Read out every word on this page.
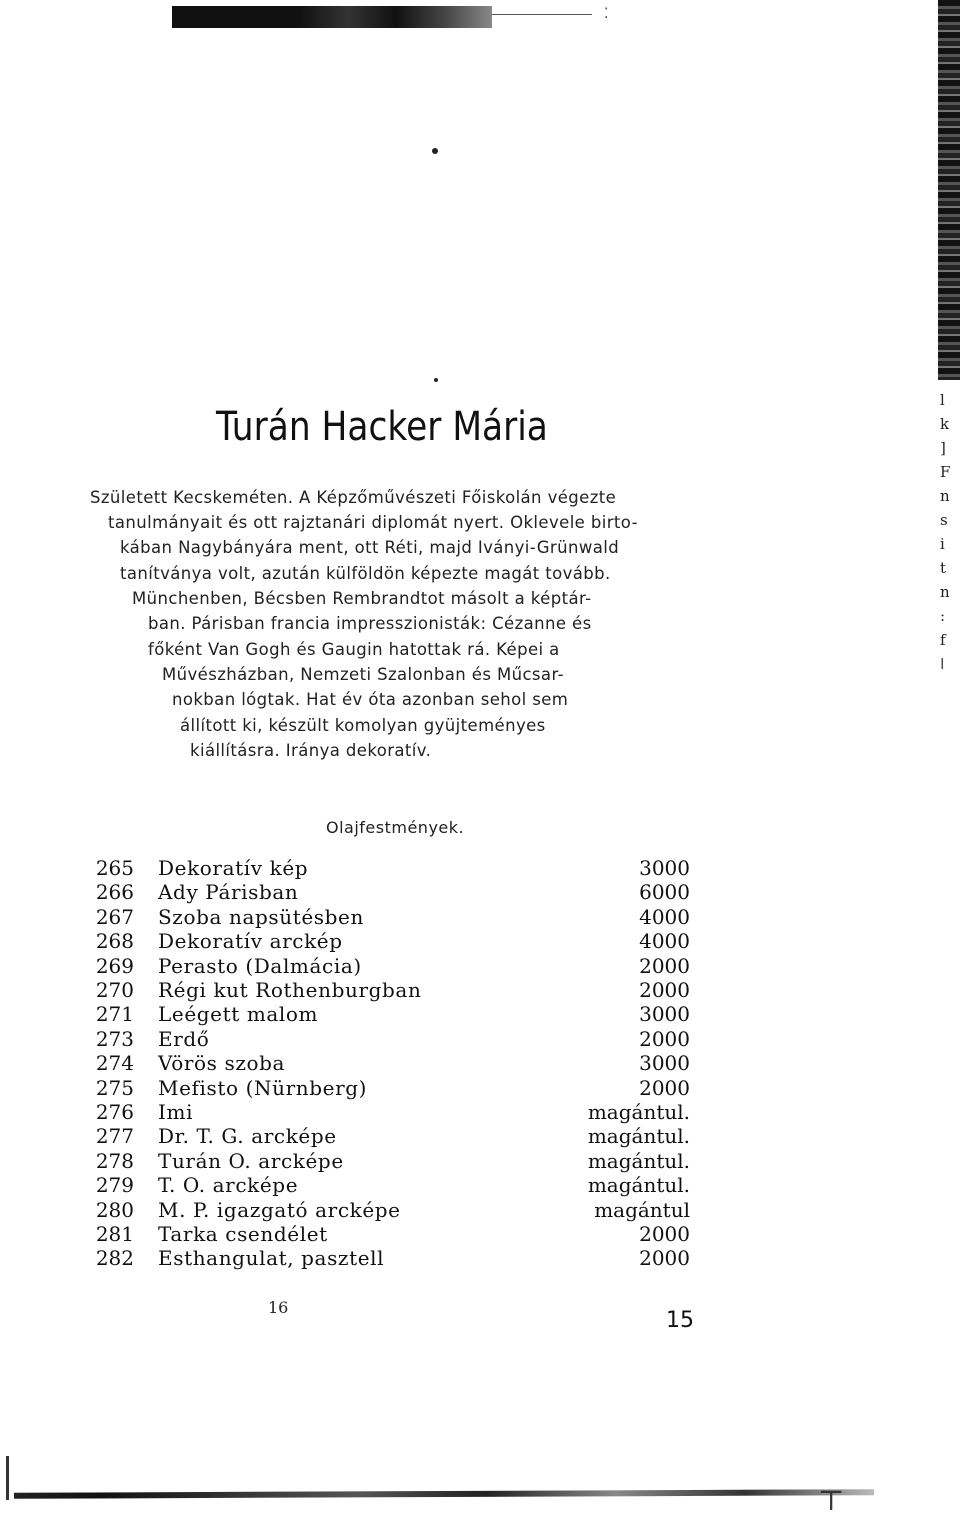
⁚
l
k
]
F
n
s
i
t
n
:
f
ǀ
Turán Hacker Mária
Született Kecskeméten. A Képzőművészeti Főiskolán végezte
tanulmányait és ott rajztanári diplomát nyert. Oklevele birto-
kában Nagybányára ment, ott Réti, majd Iványi-Grünwald
tanítványa volt, azután külföldön képezte magát tovább.
Münchenben, Bécsben Rembrandtot másolt a képtár-
ban. Párisban francia impresszionisták: Cézanne és
főként Van Gogh és Gaugin hatottak rá. Képei a
Művészházban, Nemzeti Szalonban és Műcsar-
nokban lógtak. Hat év óta azonban sehol sem
állított ki, készült komolyan gyüjteményes
kiállításra. Iránya dekoratív.
Olajfestmények.
265 Dekoratív kép	3000
266 Ady Párisban	6000
267 Szoba napsütésben	4000
268 Dekoratív arckép	4000
269 Perasto (Dalmácia)	2000
270 Régi kut Rothenburgban	2000
271 Leégett malom	3000
273 Erdő	2000
274 Vörös szoba	3000
275 Mefisto (Nürnberg)	2000
276 Imi	magántul.
277 Dr. T. G. arcképe	magántul.
278 Turán O. arcképe	magántul.
279 T. O. arcképe	magántul.
280 M. P. igazgató arcképe	magántul
281 Tarka csendélet	2000
282 Esthangulat, pasztell	2000
16
15
⊤
